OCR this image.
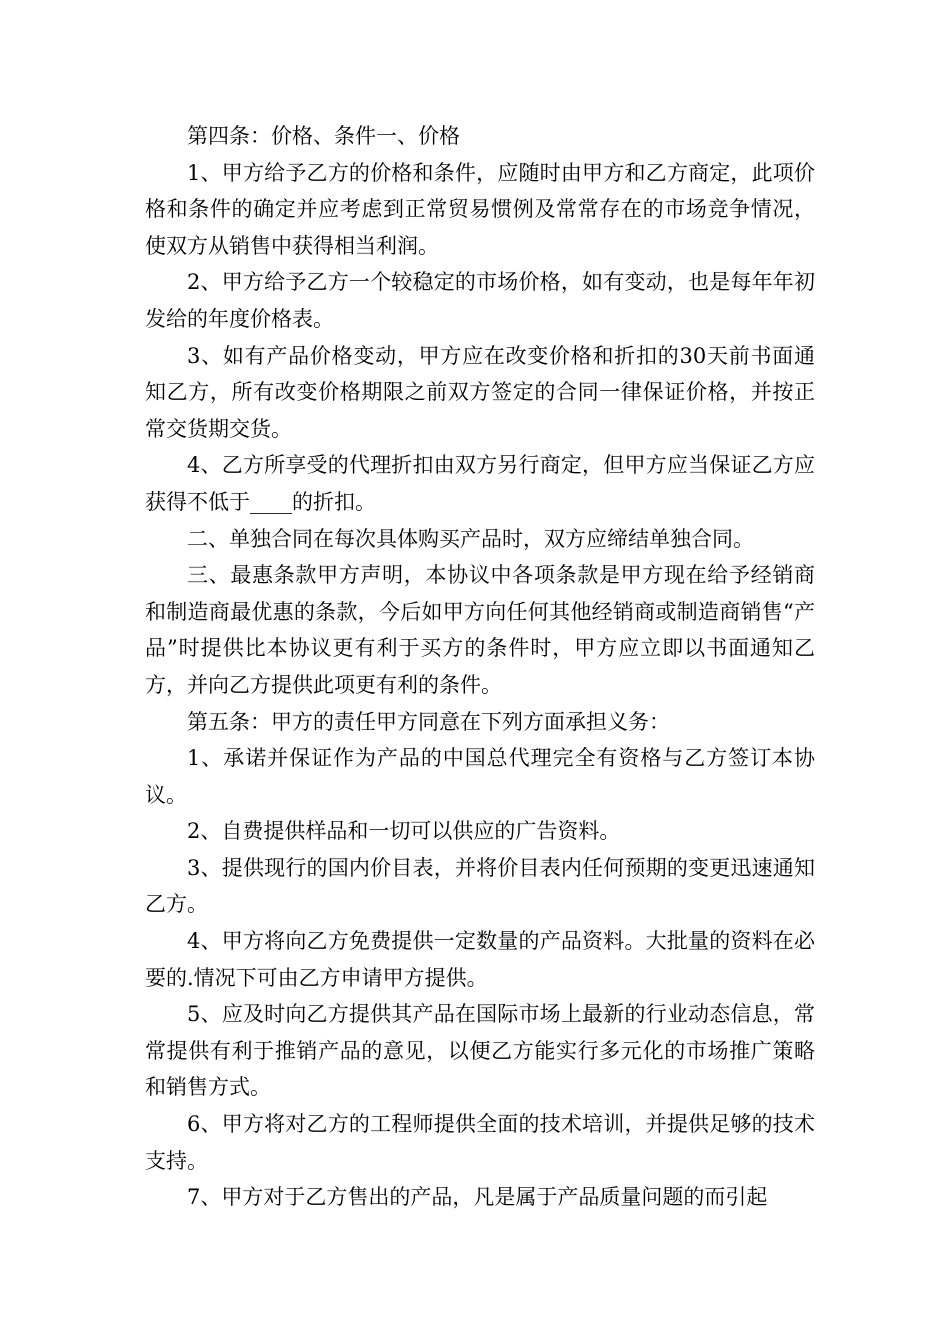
第四条：价格、条件一、价格

1、甲方给予乙方的价格和条件，应随时由甲方和乙方商定，此项价格和条件的确定并应考虑到正常贸易惯例及常常存在的市场竞争情况，使双方从销售中获得相当利润。

2、甲方给予乙方一个较稳定的市场价格，如有变动，也是每年年初发给的年度价格表。

3、如有产品价格变动，甲方应在改变价格和折扣的30天前书面通知乙方，所有改变价格期限之前双方签定的合同一律保证价格，并按正常交货期交货。

4、乙方所享受的代理折扣由双方另行商定，但甲方应当保证乙方应获得不低于____的折扣。

二、单独合同在每次具体购买产品时，双方应缔结单独合同。

三、最惠条款甲方声明，本协议中各项条款是甲方现在给予经销商和制造商最优惠的条款，今后如甲方向任何其他经销商或制造商销售“产品”时提供比本协议更有利于买方的条件时，甲方应立即以书面通知乙方，并向乙方提供此项更有利的条件。

第五条：甲方的责任甲方同意在下列方面承担义务：

1、承诺并保证作为产品的中国总代理完全有资格与乙方签订本协议。

2、自费提供样品和一切可以供应的广告资料。

3、提供现行的国内价目表，并将价目表内任何预期的变更迅速通知乙方。

4、甲方将向乙方免费提供一定数量的产品资料。大批量的资料在必要的.情况下可由乙方申请甲方提供。

5、应及时向乙方提供其产品在国际市场上最新的行业动态信息，常常提供有利于推销产品的意见，以便乙方能实行多元化的市场推广策略和销售方式。

6、甲方将对乙方的工程师提供全面的技术培训，并提供足够的技术支持。

7、甲方对于乙方售出的产品，凡是属于产品质量问题的而引起
